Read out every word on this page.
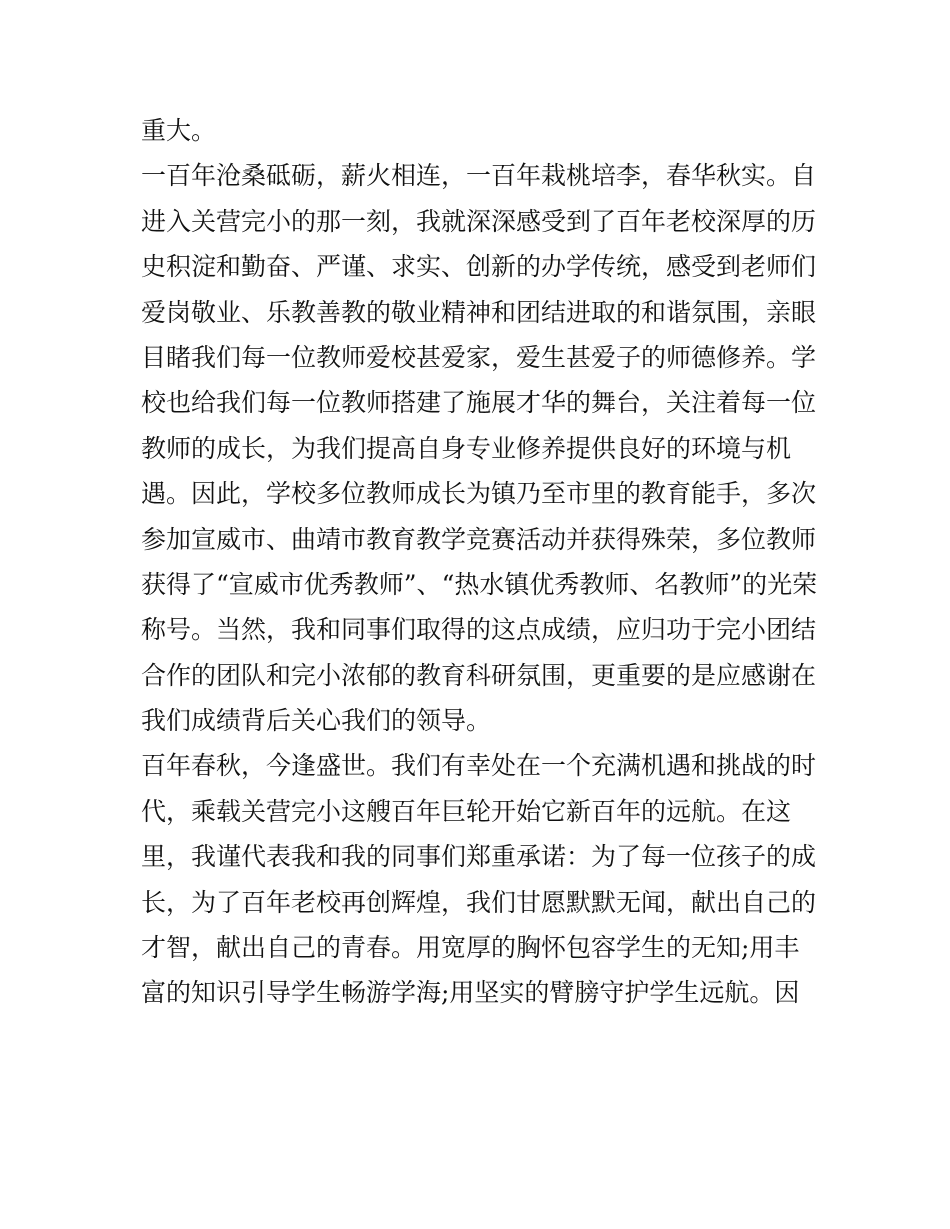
重大。
一百年沧桑砥砺，薪火相连，一百年栽桃培李，春华秋实。自
进入关营完小的那一刻，我就深深感受到了百年老校深厚的历
史积淀和勤奋、严谨、求实、创新的办学传统，感受到老师们
爱岗敬业、乐教善教的敬业精神和团结进取的和谐氛围，亲眼
目睹我们每一位教师爱校甚爱家，爱生甚爱子的师德修养。学
校也给我们每一位教师搭建了施展才华的舞台，关注着每一位
教师的成长，为我们提高自身专业修养提供良好的环境与机
遇。因此，学校多位教师成长为镇乃至市里的教育能手，多次
参加宣威市、曲靖市教育教学竞赛活动并获得殊荣，多位教师
获得了“宣威市优秀教师”、“热水镇优秀教师、名教师”的光荣
称号。当然，我和同事们取得的这点成绩，应归功于完小团结
合作的团队和完小浓郁的教育科研氛围，更重要的是应感谢在
我们成绩背后关心我们的领导。
百年春秋，今逢盛世。我们有幸处在一个充满机遇和挑战的时
代，乘载关营完小这艘百年巨轮开始它新百年的远航。在这
里，我谨代表我和我的同事们郑重承诺：为了每一位孩子的成
长，为了百年老校再创辉煌，我们甘愿默默无闻，献出自己的
才智，献出自己的青春。用宽厚的胸怀包容学生的无知;用丰
富的知识引导学生畅游学海;用坚实的臂膀守护学生远航。因
